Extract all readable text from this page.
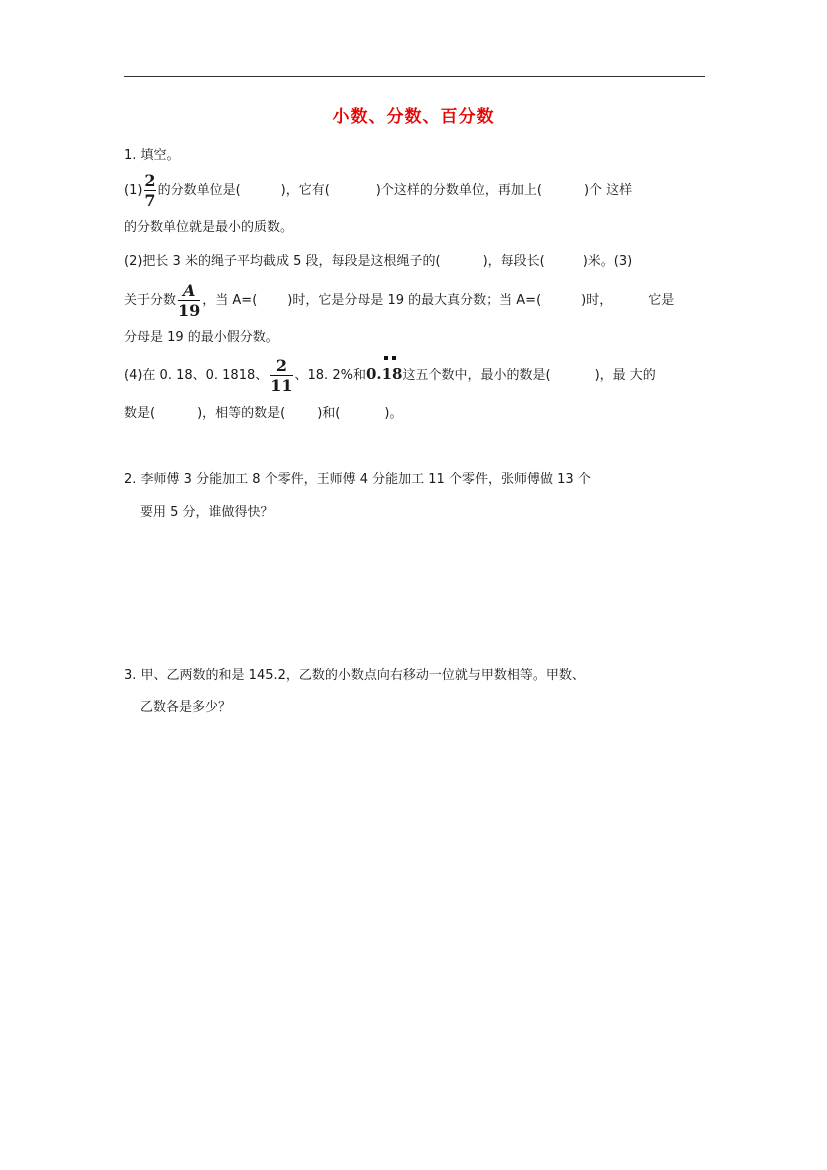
小数、分数、百分数
1. 填空。
$(1) \frac{2}{7}$ 的分数单位是(	)，它有(	)个这样的分数单位，再加上(	)个 这样
的分数单位就是最小的质数。
(2)把长 3 米的绳子平均截成 5 段，每段是这根绳子的(	)，每段长(	)米。(3)
关于分数 $\frac{A}{19}$ ，当 A=( )时，它是分母是 19 的最大真分数；当 A=(	)时，	它是
分母是 19 的最小假分数。
(4)在 0. 18、0. 1818、 $\frac{2}{11}$ 、18. 2%和0.18
这五个数中，最小的数是(	)，最 大的
数是(	)，相等的数是( )和(	)。
2. 李师傅 3 分能加工 8 个零件，王师傅 4 分能加工 11 个零件，张师傅做 13 个
要用 5 分，谁做得快？
3. 甲、乙两数的和是 145.2，乙数的小数点向右移动一位就与甲数相等。甲数、
乙数各是多少？
